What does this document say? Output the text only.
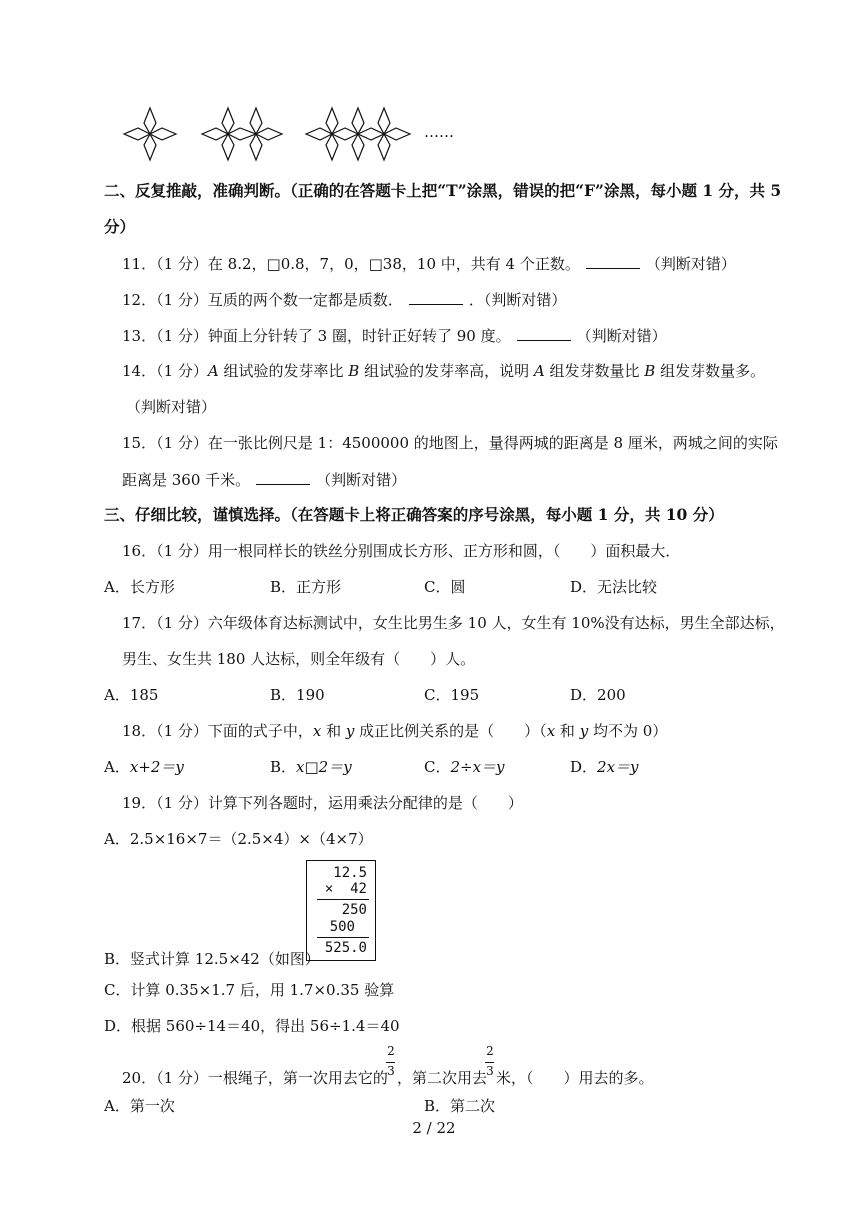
……
二、反复推敲，准确判断。（正确的在答题卡上把“T”涂黑，错误的把“F”涂黑，每小题 1 分，共 5
分）
11．（1 分）在 8.2，□0.8，7，0，□38，10 中，共有 4 个正数。	（判断对错）
12．（1 分）互质的两个数一定都是质数．	．（判断对错）
13．（1 分）钟面上分针转了 3 圈，时针正好转了 90 度。	（判断对错）
14．（1 分）A 组试验的发芽率比 B 组试验的发芽率高，说明 A 组发芽数量比 B 组发芽数量多。
（判断对错）
15．（1 分）在一张比例尺是 1：4500000 的地图上，量得两城的距离是 8 厘米，两城之间的实际
距离是 360 千米。	（判断对错）
三、仔细比较，谨慎选择。（在答题卡上将正确答案的序号涂黑，每小题 1 分，共 10 分）
16．（1 分）用一根同样长的铁丝分别围成长方形、正方形和圆，（　　）面积最大．
A．长方形	B．正方形	C．圆	D．无法比较
17．（1 分）六年级体育达标测试中，女生比男生多 10 人，女生有 10%没有达标，男生全部达标，
男生、女生共 180 人达标，则全年级有（　　）人。
A．185	B．190	C．195	D．200
18．（1 分）下面的式子中，x 和 y 成正比例关系的是（　　）（x 和 y 均不为 0）
A．x+2＝y	B．x□2＝y	C．2÷x＝y	D．2x＝y
19．（1 分）计算下列各题时，运用乘法分配律的是（　　）
A．2.5×16×7＝（2.5×4）×（4×7）
12.5
×  42
250
500
525.0
B．竖式计算 12.5×42（如图）
C．计算 0.35×1.7 后，用 1.7×0.35 验算
D．根据 560÷14＝40，得出 56÷1.4＝40
20．（1 分）一根绳子，第一次用去它的
2
3 ，第二次用去
2
3 米，（　　）用去的多。
A．第一次	B．第二次
2 / 22
